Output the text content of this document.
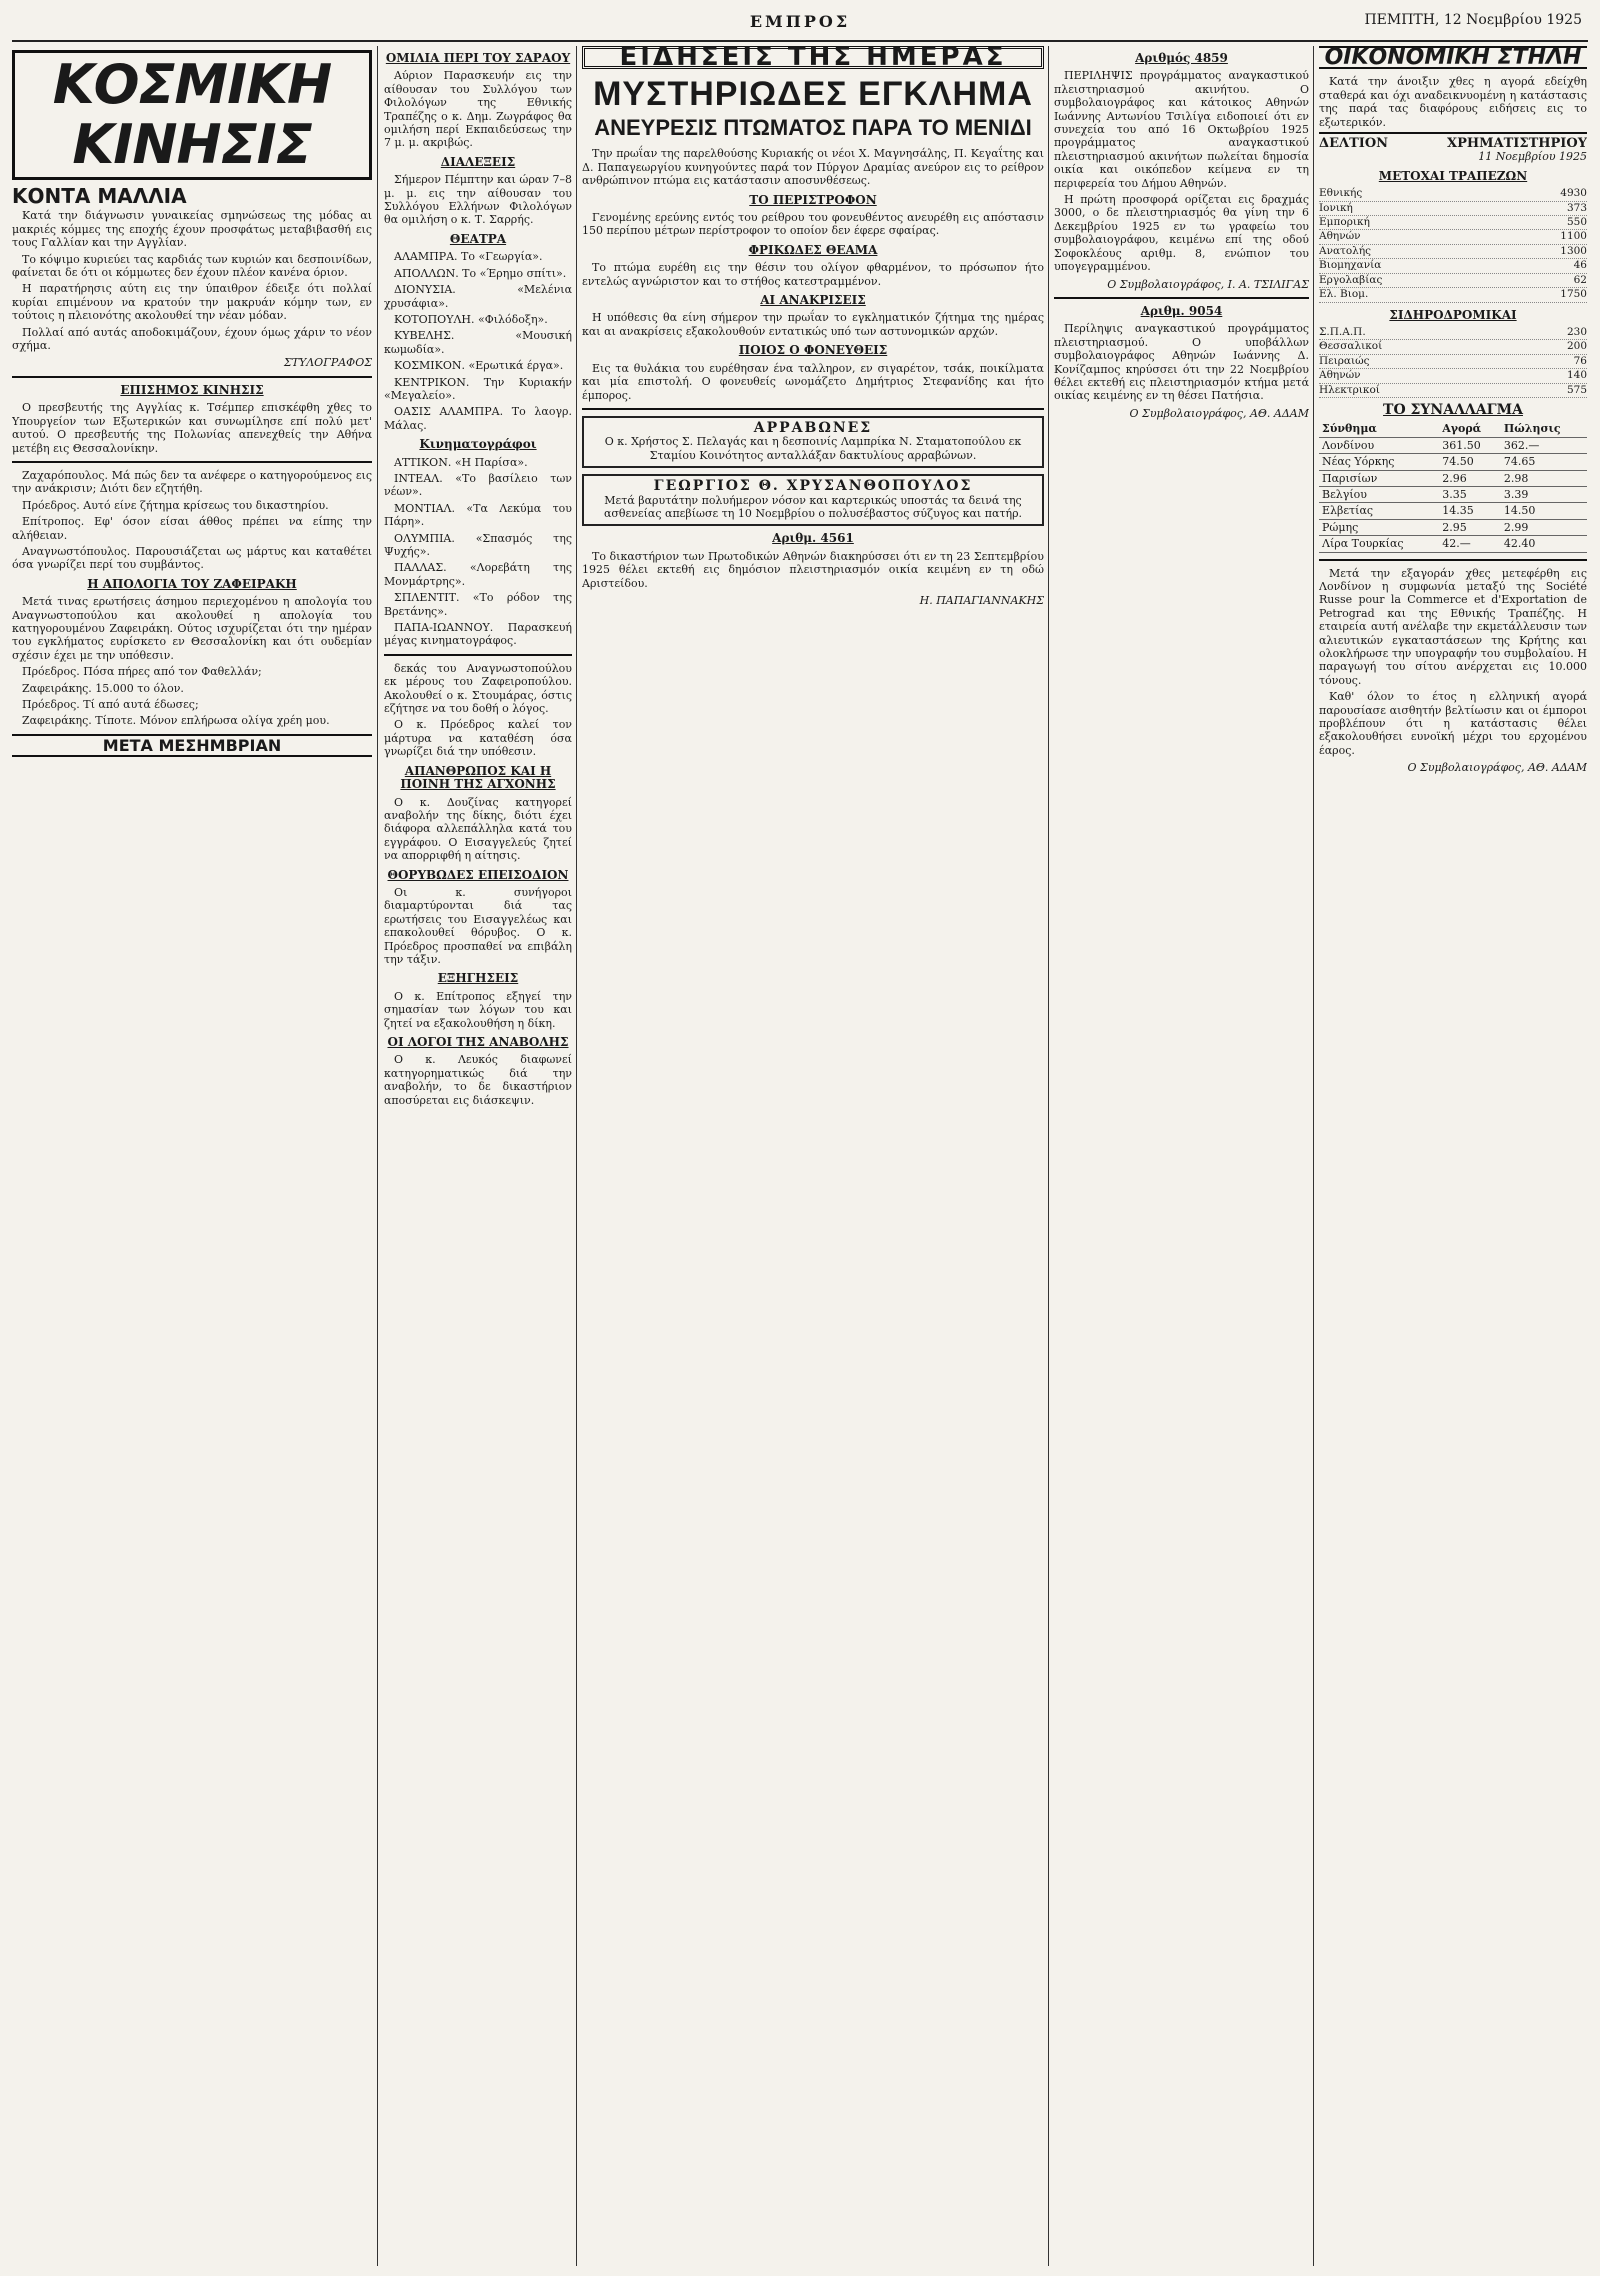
ΕΜΠΡΟΣ	ΠΕΜΠΤΗ, 12 Νοεμβρίου 1925
ΚΟΣΜΙΚΗ ΚΙΝΗΣΙΣ
ΚΟΝΤΑ ΜΑΛΛΙΑ

Κατά την διάγνωσιν γυναικείας σμηνώσεως της μόδας αι μακριές κόμμες της εποχής έχουν προσφάτως μεταβιβασθή εις τους Γαλλίαν και την Αγγλίαν.

Το κόψιμο κυριεύει τας καρδιάς των κυριών και δεσποινίδων, φαίνεται δε ότι οι κόμμωτες δεν έχουν πλέον κανένα όριον.

Η παρατήρησις αύτη εις την ύπαιθρον έδειξε ότι πολλαί κυρίαι επιμένουν να κρατούν την μακρυάν κόμην των, εν τούτοις η πλειονότης ακολουθεί την νέαν μόδαν.

Πολλαί από αυτάς αποδοκιμάζουν, έχουν όμως χάριν το νέον σχήμα.

ΣΤΥΛΟΓΡΑΦΟΣ
ΕΠΙΣΗΜΟΣ ΚΙΝΗΣΙΣ

Ο πρεσβευτής της Αγγλίας κ. Τσέμπερ επισκέφθη χθες το Υπουργείον των Εξωτερικών και συνωμίλησε επί πολύ μετ' αυτού. Ο πρεσβευτής της Πολωνίας απενεχθείς την Αθήνα μετέβη εις Θεσσαλονίκην.

Ζαχαρόπουλος. Μά πώς δεν τα ανέφερε ο κατηγορούμενος εις την ανάκρισιν; Διότι δεν εζητήθη.

Πρόεδρος. Αυτό είνε ζήτημα κρίσεως του δικαστηρίου.

Επίτροπος. Εφ' όσον είσαι άθθος πρέπει να είπης την αλήθειαν.

Αναγνωστόπουλος. Παρουσιάζεται ως μάρτυς και καταθέτει όσα γνωρίζει περί του συμβάντος.

Η ΑΠΟΛΟΓΙΑ ΤΟΥ ΖΑΦΕΙΡΑΚΗ

Μετά τινας ερωτήσεις άσημου περιεχομένου η απολογία του Αναγνωστοπούλου και ακολουθεί η απολογία του κατηγορουμένου Ζαφειράκη. Ούτος ισχυρίζεται ότι την ημέραν του εγκλήματος ευρίσκετο εν Θεσσαλονίκη και ότι ουδεμίαν σχέσιν έχει με την υπόθεσιν.

Πρόεδρος. Πόσα πήρες από τον Φαθελλάν;

Ζαφειράκης. 15.000 το όλον.

Πρόεδρος. Τί από αυτά έδωσες;

Ζαφειράκης. Τίποτε. Μόνον επλήρωσα ολίγα χρέη μου.

ΜΕΤΑ ΜΕΣΗΜΒΡΙΑΝ
ΟΜΙΛΙΑ ΠΕΡΙ ΤΟΥ ΣΑΡΑΟΥ

Αύριον Παρασκευήν εις την αίθουσαν του Συλλόγου των Φιλολόγων της Εθνικής Τραπέζης ο κ. Δημ. Ζωγράφος θα ομιλήση περί Εκπαιδεύσεως την 7 μ. μ. ακριβώς.

ΔΙΑΛΕΞΕΙΣ

Σήμερον Πέμπτην και ώραν 7–8 μ. μ. εις την αίθουσαν του Συλλόγου Ελλήνων Φιλολόγων θα ομιλήση ο κ. Τ. Σαρρής.

ΘΕΑΤΡΑ

ΑΛΑΜΠΡΑ. Το «Γεωργία».

ΑΠΟΛΛΩΝ. Το «Έρημο σπίτι».

ΔΙΟΝΥΣΙΑ. «Μελένια χρυσάφια».

ΚΟΤΟΠΟΥΛΗ. «Φιλόδοξη».

ΚΥΒΕΛΗΣ. «Μουσική κωμωδία».

ΚΟΣΜΙΚΟΝ. «Ερωτικά έργα».

ΚΕΝΤΡΙΚΟΝ. Την Κυριακήν «Μεγαλείο».

ΟΑΣΙΣ ΑΛΑΜΠΡΑ. Το λαογρ. Μάλας.

Κινηματογράφοι

ΑΤΤΙΚΟΝ. «Η Παρίσα».

ΙΝΤΕΑΛ. «Το βασίλειο των νέων».

ΜΟΝΤΙΑΛ. «Τα Λεκύμα του Πάρη».

ΟΛΥΜΠΙΑ. «Σπασμός της Ψυχής».

ΠΑΛΛΑΣ. «Λορεβάτη της Μονμάρτρης».

ΣΠΛΕΝΤΙΤ. «Το ρόδον της Βρετάνης».

ΠΑΠΑ-ΙΩΑΝΝΟΥ. Παρασκευή μέγας κινηματογράφος.

δεκάς του Αναγνωστοπούλου εκ μέρους του Ζαφειροπούλου. Ακολουθεί ο κ. Στουμάρας, όστις εζήτησε να του δοθή ο λόγος.

Ο κ. Πρόεδρος καλεί τον μάρτυρα να καταθέση όσα γνωρίζει διά την υπόθεσιν.

ΑΠΑΝΘΡΩΠΟΣ ΚΑΙ Η ΠΟΙΝΗ ΤΗΣ ΑΓΧΟΝΗΣ

Ο κ. Δουζίνας κατηγορεί αναβολήν της δίκης, διότι έχει διάφορα αλλεπάλληλα κατά του εγγράφου. Ο Εισαγγελεύς ζητεί να απορριφθή η αίτησις.

ΘΟΡΥΒΩΔΕΣ ΕΠΕΙΣΟΔΙΟΝ

Οι κ. συνήγοροι διαμαρτύρονται διά τας ερωτήσεις του Εισαγγελέως και επακολουθεί θόρυβος. Ο κ. Πρόεδρος προσπαθεί να επιβάλη την τάξιν.

ΕΞΗΓΗΣΕΙΣ

Ο κ. Επίτροπος εξηγεί την σημασίαν των λόγων του και ζητεί να εξακολουθήση η δίκη.

ΟΙ ΛΟΓΟΙ ΤΗΣ ΑΝΑΒΟΛΗΣ

Ο κ. Λευκός διαφωνεί κατηγορηματικώς διά την αναβολήν, το δε δικαστήριον αποσύρεται εις διάσκεψιν.

ΕΙΔΗΣΕΙΣ ΤΗΣ ΗΜΕΡΑΣ
ΜΥΣΤΗΡΙΩΔΕΣ ΕΓΚΛΗΜΑ
ΑΝΕΥΡΕΣΙΣ ΠΤΩΜΑΤΟΣ ΠΑΡΑ ΤΟ ΜΕΝΙΔΙ

Την πρωΐαν της παρελθούσης Κυριακής οι νέοι Χ. Μαγνησάλης, Π. Κεγαΐτης και Δ. Παπαγεωργίου κυνηγούντες παρά τον Πύργον Δραμίας ανεύρον εις το ρείθρον ανθρώπινον πτώμα εις κατάστασιν αποσυνθέσεως.

ΤΟ ΠΕΡΙΣΤΡΟΦΟΝ

Γενομένης ερεύνης εντός του ρείθρου του φονευθέντος ανευρέθη εις απόστασιν 150 περίπου μέτρων περίστροφον το οποίον δεν έφερε σφαίρας.

ΦΡΙΚΩΔΕΣ ΘΕΑΜΑ

Το πτώμα ευρέθη εις την θέσιν του ολίγον φθαρμένον, το πρόσωπον ήτο εντελώς αγνώριστον και το στήθος κατεστραμμένον.

ΑΙ ΑΝΑΚΡΙΣΕΙΣ

Η υπόθεσις θα είνη σήμερον την πρωΐαν το εγκληματικόν ζήτημα της ημέρας και αι ανακρίσεις εξακολουθούν εντατικώς υπό των αστυνομικών αρχών.

ΠΟΙΟΣ Ο ΦΟΝΕΥΘΕΙΣ

Εις τα θυλάκια του ευρέθησαν ένα ταλληρον, εν σιγαρέτον, τσάκ, ποικίλματα και μία επιστολή. Ο φονευθείς ωνομάζετο Δημήτριος Στεφανίδης και ήτο έμπορος.

ΑΡΡΑΒΩΝΕΣ
Ο κ. Χρήστος Σ. Πελαγάς και η δεσποινίς Λαμπρίκα Ν. Σταματοπούλου εκ Σταμίου Κοινότητος ανταλλάξαν δακτυλίους αρραβώνων.
ΓΕΩΡΓΙΟΣ Θ. ΧΡΥΣΑΝΘΟΠΟΥΛΟΣ
Μετά βαρυτάτην πολυήμερον νόσον και καρτερικώς υποστάς τα δεινά της ασθενείας απεβίωσε τη 10 Νοεμβρίου ο πολυσέβαστος σύζυγος και πατήρ.
Αριθμ. 4561

Το δικαστήριον των Πρωτοδικών Αθηνών διακηρύσσει ότι εν τη 23 Σεπτεμβρίου 1925 θέλει εκτεθή εις δημόσιον πλειστηριασμόν οικία κειμένη εν τη οδώ Αριστείδου.

Η. ΠΑΠΑΓΙΑΝΝΑΚΗΣ
Αριθμός 4859

ΠΕΡΙΛΗΨΙΣ προγράμματος αναγκαστικού πλειστηριασμού ακινήτου. Ο συμβολαιογράφος και κάτοικος Αθηνών Ιωάννης Αντωνίου Τσιλίγα ειδοποιεί ότι εν συνεχεία του από 16 Οκτωβρίου 1925 προγράμματος αναγκαστικού πλειστηριασμού ακινήτων πωλείται δημοσία οικία και οικόπεδον κείμενα εν τη περιφερεία του Δήμου Αθηνών.

Η πρώτη προσφορά ορίζεται εις δραχμάς 3000, ο δε πλειστηριασμός θα γίνη την 6 Δεκεμβρίου 1925 εν τω γραφείω του συμβολαιογράφου, κειμένω επί της οδού Σοφοκλέους αριθμ. 8, ενώπιον του υπογεγραμμένου.

Ο Συμβολαιογράφος, Ι. Α. ΤΣΙΛΙΓΑΣ
Αριθμ. 9054

Περίληψις αναγκαστικού προγράμματος πλειστηριασμού. Ο υποβάλλων συμβολαιογράφος Αθηνών Ιωάννης Δ. Κονίζαμπος κηρύσσει ότι την 22 Νοεμβρίου θέλει εκτεθή εις πλειστηριασμόν κτήμα μετά οικίας κειμένης εν τη θέσει Πατήσια.

Ο Συμβολαιογράφος, ΑΘ. ΑΔΑΜ
ΟΙΚΟΝΟΜΙΚΗ ΣΤΗΛΗ

Κατά την άνοιξιν χθες η αγορά εδείχθη σταθερά και όχι αναδεικνυομένη η κατάστασις της παρά τας διαφόρους ειδήσεις εις το εξωτερικόν.

ΔΕΛΤΙΟΝ	ΧΡΗΜΑΤΙΣΤΗΡΙΟΥ
11 Νοεμβρίου 1925
ΜΕΤΟΧΑΙ ΤΡΑΠΕΖΩΝ
Εθνικής	4930
Ιονική	373
Εμπορική	550
Αθηνών	1100
Ανατολής	1300
Βιομηχανία	46
Εργολαβίας	62
Ελ. Βιομ.	1750
ΣΙΔΗΡΟΔΡΟΜΙΚΑΙ
Σ.Π.Α.Π.	230
Θεσσαλικοί	200
Πειραιώς	76
Αθηνών	140
Ηλεκτρικοί	575
ΤΟ ΣΥΝΑΛΛΑΓΜΑ
Σύνθημα	Αγορά	Πώλησις
Λονδίνου	361.50	362.—
Νέας Υόρκης	74.50	74.65
Παρισίων	2.96	2.98
Βελγίου	3.35	3.39
Ελβετίας	14.35	14.50
Ρώμης	2.95	2.99
Λίρα Τουρκίας	42.—	42.40

Μετά την εξαγοράν χθες μετεφέρθη εις Λονδίνον η συμφωνία μεταξύ της Société Russe pour la Commerce et d'Exportation de Petrograd και της Εθνικής Τραπέζης. Η εταιρεία αυτή ανέλαβε την εκμετάλλευσιν των αλιευτικών εγκαταστάσεων της Κρήτης και ολοκλήρωσε την υπογραφήν του συμβολαίου. Η παραγωγή του σίτου ανέρχεται εις 10.000 τόνους.

Καθ' όλον το έτος η ελληνική αγορά παρουσίασε αισθητήν βελτίωσιν και οι έμποροι προβλέπουν ότι η κατάστασις θέλει εξακολουθήσει ευνοϊκή μέχρι του ερχομένου έαρος.

Ο Συμβολαιογράφος, ΑΘ. ΑΔΑΜ
